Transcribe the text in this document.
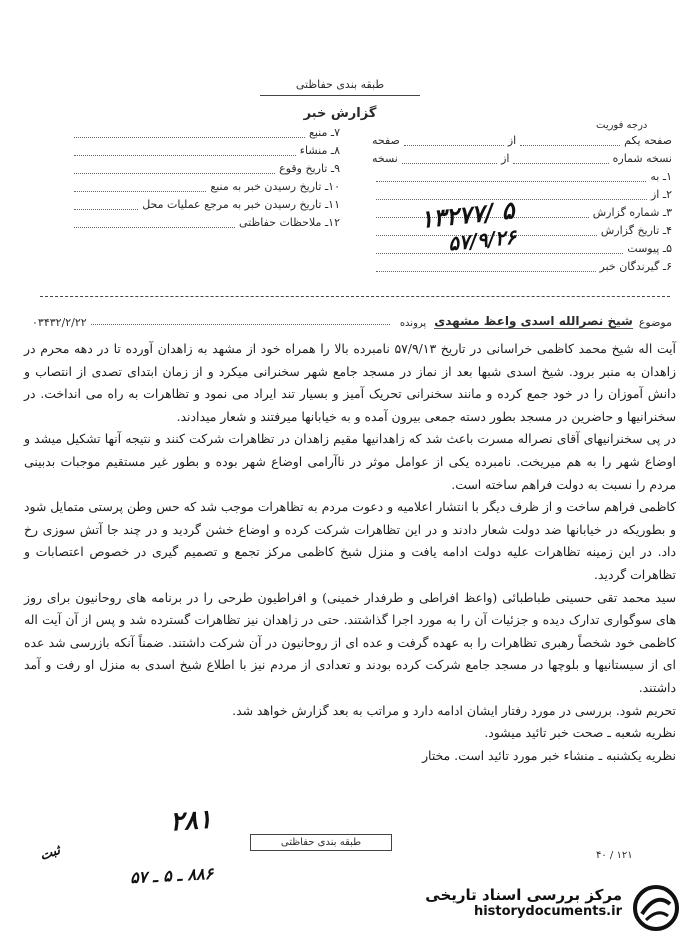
طبقه بندی حفاظتی
گزارش خبر
درجه فوریت
صفحه یکم
از
صفحه
نسخه شماره
از
نسخه
۱ـ به
۲ـ از
۳ـ شماره گزارش
۴ـ تاریخ گزارش
۵ـ پیوست
۶ـ گیرندگان خبر
۷ـ منبع
۸ـ منشاء
۹ـ تاریخ وقوع
۱۰ـ تاریخ رسیدن خبر به منبع
۱۱ـ تاریخ رسیدن خبر به مرجع عملیات محل
۱۲ـ ملاحظات حفاظتی	۱۳۲۷۷/ ۵
۵۷/۹/۲۶
موضوع
شیخ نصرالله اسدی واعظ مشهدی
پرونده
۰۳۴۳۲/۲/۲۲

آیت اله شیخ محمد کاظمی خراسانی در تاریخ ۵۷/۹/۱۳ نامبرده بالا را همراه خود از مشهد به زاهدان آورده تا در دهه محرم در زاهدان به منبر برود. شیخ اسدی شبها بعد از نماز در مسجد جامع شهر سخنرانی میکرد و از زمان ابتدای تصدی از انتصاب و دانش آموزان را در خود جمع کرده و مانند سخنرانی تحریک آمیز و بسیار تند ایراد می نمود و تظاهرات به راه می انداخت. در سخنرانیها و حاضرین در مسجد بطور دسته جمعی بیرون آمده و به خیابانها میرفتند و شعار میدادند.

در پی سخنرانیهای آقای نصراله مسرت باعث شد که زاهدانیها مقیم زاهدان در تظاهرات شرکت کنند و نتیجه آنها تشکیل میشد و اوضاع شهر را به هم میریخت. نامبرده یکی از عوامل موثر در ناآرامی اوضاع شهر بوده و بطور غیر مستقیم موجبات بدبینی مردم را نسبت به دولت فراهم ساخته است.

کاظمی فراهم ساخت و از ظرف دیگر با انتشار اعلامیه و دعوت مردم به تظاهرات موجب شد که حس وطن پرستی متمایل شود و بطوریکه در خیابانها ضد دولت شعار دادند و در این تظاهرات شرکت کرده و اوضاع خشن گردید و در چند جا آتش سوزی رخ داد. در این زمینه تظاهرات علیه دولت ادامه یافت و منزل شیخ کاظمی مرکز تجمع و تصمیم گیری در خصوص اعتصابات و تظاهرات گردید.

سید محمد تقی حسینی طباطبائی (واعظ افراطی و طرفدار خمینی) و افراطیون طرحی را در برنامه های روحانیون برای روز های سوگواری تدارک دیده و جزئیات آن را به مورد اجرا گذاشتند. حتی در زاهدان نیز تظاهرات گسترده شد و پس از آن آیت اله کاظمی خود شخصاً رهبری تظاهرات را به عهده گرفت و عده ای از روحانیون در آن شرکت داشتند. ضمناً آنکه بازرسی شد عده ای از سیستانیها و بلوچها در مسجد جامع شرکت کرده بودند و تعدادی از مردم نیز با اطلاع شیخ اسدی به منزل او رفت و آمد داشتند.

تحریم شود. بررسی در مورد رفتار ایشان ادامه دارد و مراتب به بعد گزارش خواهد شد.

نظریه شعبه ـ صحت خبر تائید میشود.

نظریه یکشنبه ـ منشاء خبر مورد تائید است. مختار

۲۸۱
طبقه بندی حفاظتی
۴۰ / ۱۲۱
۸۸۶ ـ ۵ ـ ۵۷
ثبت
مرکز بررسی اسناد تاریخی
historydocuments.ir
